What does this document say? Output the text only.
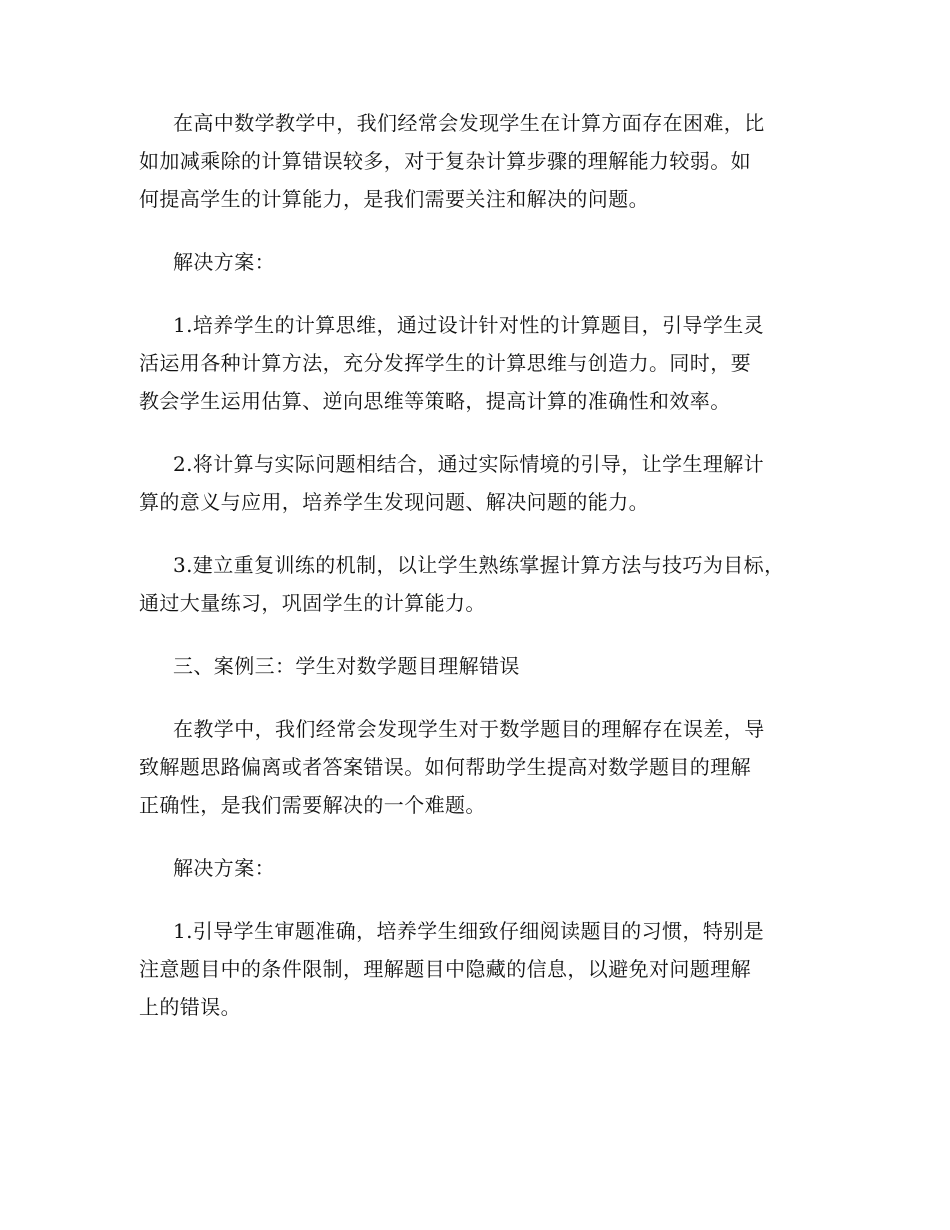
在高中数学教学中，我们经常会发现学生在计算方面存在困难，比
如加减乘除的计算错误较多，对于复杂计算步骤的理解能力较弱。如
何提高学生的计算能力，是我们需要关注和解决的问题。
解决方案：
1.培养学生的计算思维，通过设计针对性的计算题目，引导学生灵
活运用各种计算方法，充分发挥学生的计算思维与创造力。同时，要
教会学生运用估算、逆向思维等策略，提高计算的准确性和效率。
2.将计算与实际问题相结合，通过实际情境的引导，让学生理解计
算的意义与应用，培养学生发现问题、解决问题的能力。
3.建立重复训练的机制，以让学生熟练掌握计算方法与技巧为目标，
通过大量练习，巩固学生的计算能力。
三、案例三：学生对数学题目理解错误
在教学中，我们经常会发现学生对于数学题目的理解存在误差，导
致解题思路偏离或者答案错误。如何帮助学生提高对数学题目的理解
正确性，是我们需要解决的一个难题。
解决方案：
1.引导学生审题准确，培养学生细致仔细阅读题目的习惯，特别是
注意题目中的条件限制，理解题目中隐藏的信息，以避免对问题理解
上的错误。
